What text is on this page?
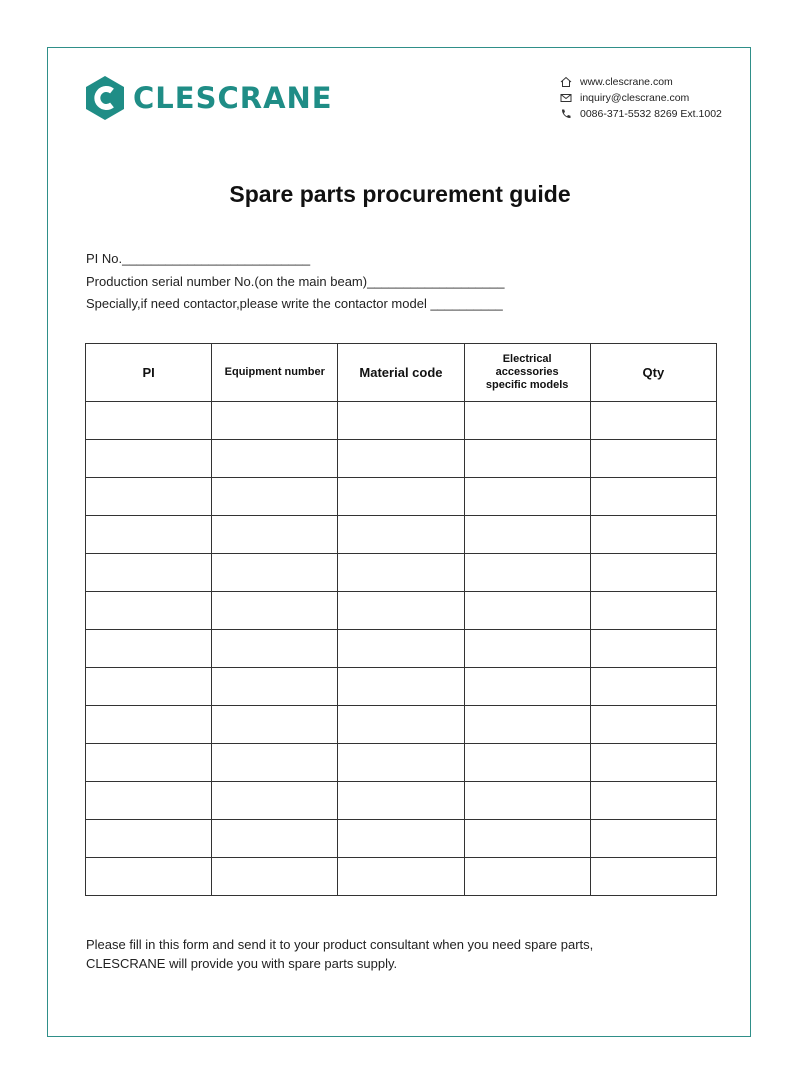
CLESCRANE	www.clescrane.com
inquiry@clescrane.com
0086-371-5532 8269 Ext.1002
Spare parts procurement guide
PI No.__________________________
Production serial number No.(on the main beam)___________________
Specially,if need contactor,please write the contactor model __________
PI	Equipment number	Material code	Electrical accessories specific models	Qty

Please fill in this form and send it to your product consultant when you need spare parts,
CLESCRANE will provide you with spare parts supply.
